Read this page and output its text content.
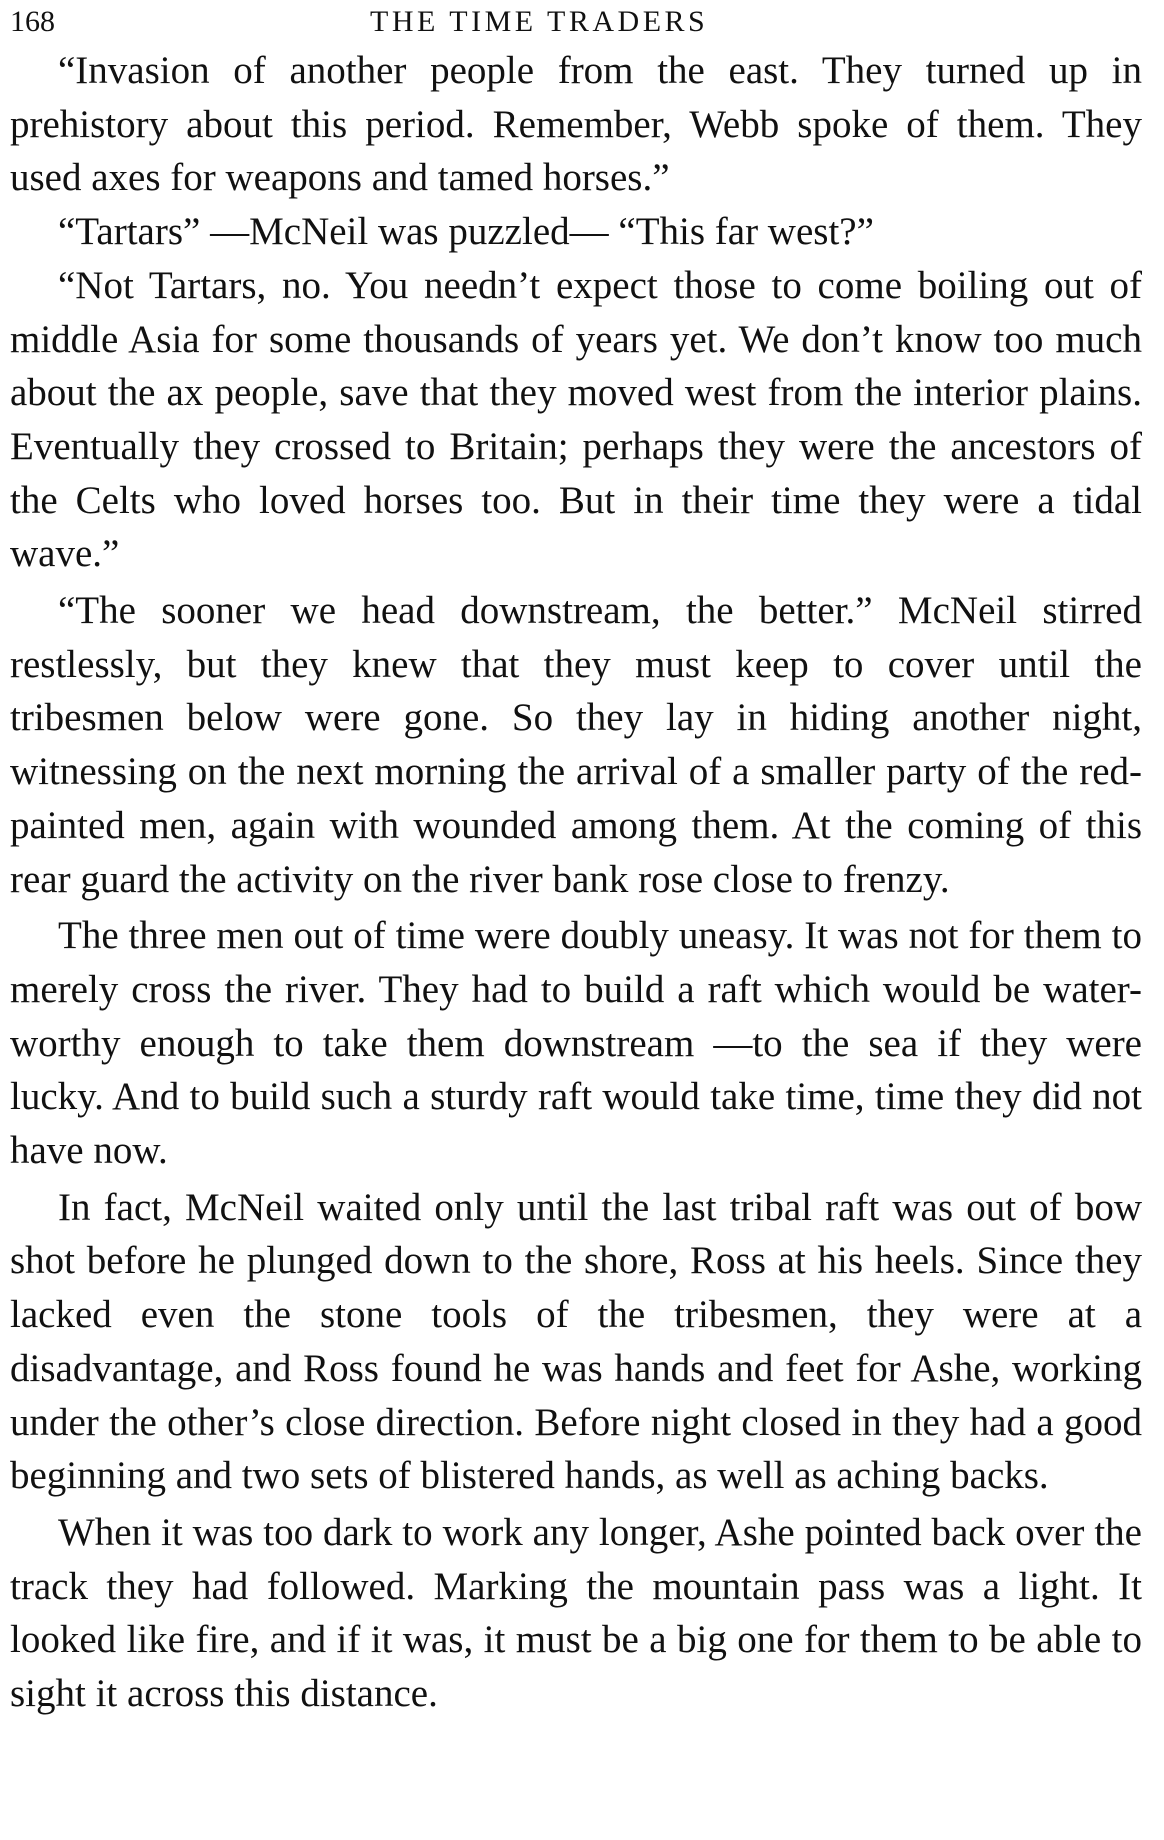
168	THE TIME TRADERS

“Invasion of another people from the east. They turned up in prehistory about this period. Remember, Webb spoke of them. They used axes for weapons and tamed horses.”

“Tartars” —McNeil was puzzled— “This far west?”

“Not Tartars, no. You needn’t expect those to come boiling out of middle Asia for some thousands of years yet. We don’t know too much about the ax people, save that they moved west from the interior plains. Eventually they crossed to Britain; perhaps they were the ancestors of the Celts who loved horses too. But in their time they were a tidal wave.”

“The sooner we head downstream, the better.” McNeil stirred restlessly, but they knew that they must keep to cover until the tribesmen below were gone. So they lay in hiding another night, witnessing on the next morning the arrival of a smaller party of the red-painted men, again with wounded among them. At the coming of this rear guard the activity on the river bank rose close to frenzy.

The three men out of time were doubly uneasy. It was not for them to merely cross the river. They had to build a raft which would be water-worthy enough to take them downstream —to the sea if they were lucky. And to build such a sturdy raft would take time, time they did not have now.

In fact, McNeil waited only until the last tribal raft was out of bow shot before he plunged down to the shore, Ross at his heels. Since they lacked even the stone tools of the tribesmen, they were at a disadvantage, and Ross found he was hands and feet for Ashe, working under the other’s close direction. Before night closed in they had a good beginning and two sets of blistered hands, as well as aching backs.

When it was too dark to work any longer, Ashe pointed back over the track they had followed. Marking the mountain pass was a light. It looked like fire, and if it was, it must be a big one for them to be able to sight it across this distance.
